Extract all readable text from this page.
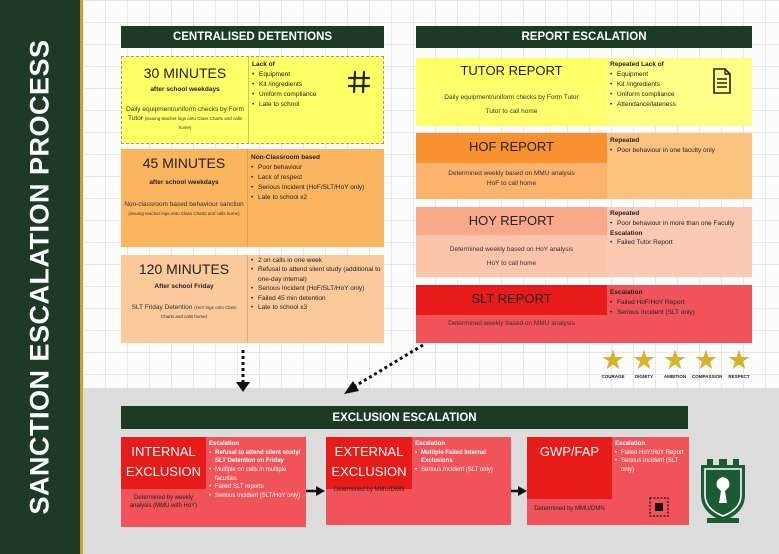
SANCTION ESCALATION PROCESS
CENTRALISED DETENTIONS
30 MINUTES
after school weekdays
Daily equipment/uniform checks by Form Tutor (issuing teacher logs onto Class Charts and calls home)
Lack of
• Equipment
• Kit /ingredients
• Uniform compliance
• Late to school
45 MINUTES
after school weekdays
Non-classroom based behaviour sanction (issuing teacher logs onto Class Charts and calls home)
Non-Classroom based
• Poor behaviour
• Lack of respect
• Serious Incident (HoF/SLT/HoY only)
• Late to school x2
120 MINUTES
After school Friday
SLT Friday Detention (HoY logs onto Class Charts and calls home)
• 2 on calls in one week
• Refusal to attend silent study (additional to one-day internal)
• Serious Incident (HoF/SLT/HoY only)
• Failed 45 min detention
• Late to school x3
REPORT ESCALATION
TUTOR REPORT
Daily equipment/uniform checks by Form Tutor
Tutor to call home
Repeated Lack of
• Equipment
• Kit /ingredients
• Uniform compliance
• Attendance/lateness
HOF REPORT
Determined weekly based on MMU analysis
HoF to call home
Repeated
• Poor behaviour in one faculty only
HOY REPORT
Determined weekly based on HoY analysis
HoY to call home
Repeated
• Poor behaviour in more than one Faculty
Escalation
• Failed Tutor Report
SLT REPORT
Determined weekly based on MMU analysis
Escalation
• Failed HoF/HoY Report
• Serious Incident (SLT only)
★
COURAGE
★
DIGNITY
★
AMBITION
★
COMPASSION
★
RESPECT
EXCLUSION ESCALATION
INTERNAL
EXCLUSION
Determined by weekly analysis (MMU with HoY)
Escalation
• Refusal to attend silent study/ SLT Detention on Friday
• Multiple on calls in multiple faculties
• Failed SLT reports
• Serious Incident (SLT/HoY only)
EXTERNAL
EXCLUSION
Determined by MMU/DMN
Escalation
• Multiple Failed Internal Exclusions
• Serious Incident (SLT only)
GWP/FAP
Determined by MMU/DMN
Escalation
• Failed HoY/HoY Report
• Serious Incident (SLT only)
